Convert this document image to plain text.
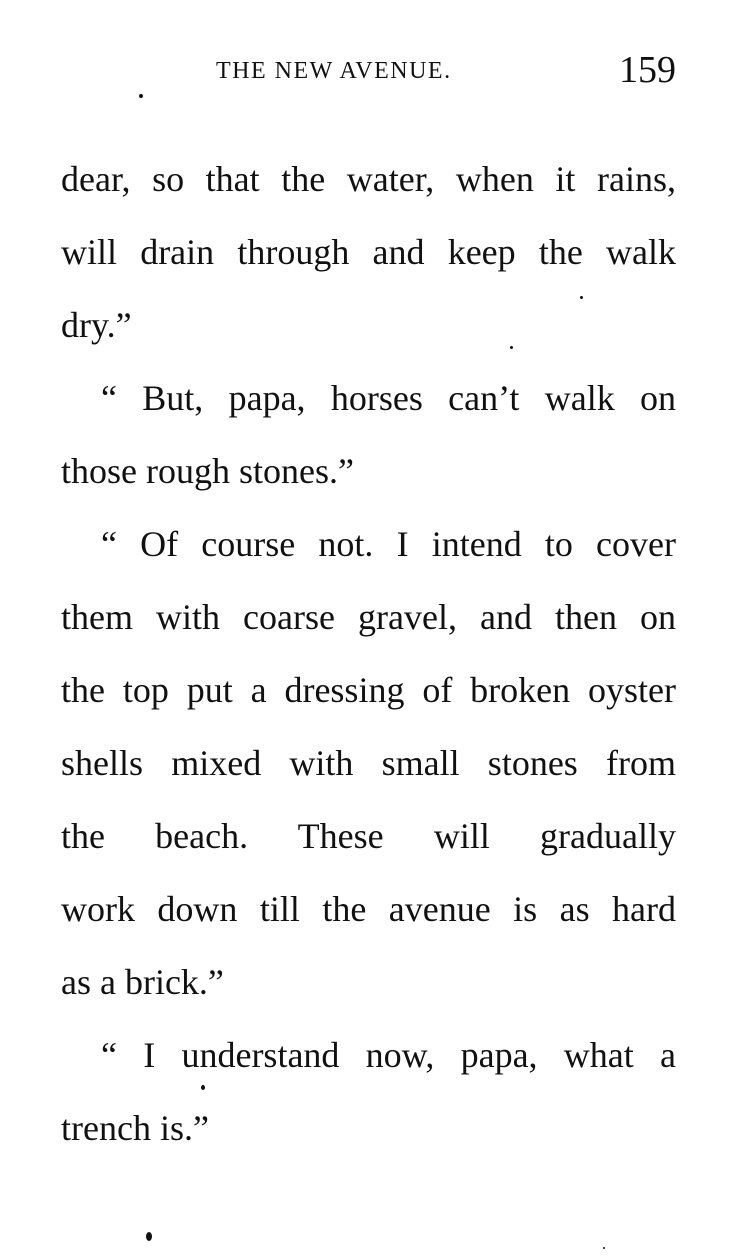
THE NEW AVENUE.	159
dear, so that the water, when it rains,
will drain through and keep the walk
dry.”
“ But, papa, horses can’t walk on
those rough stones.”
“ Of course not. I intend to cover
them with coarse gravel, and then on
the top put a dressing of broken oyster
shells mixed with small stones from
the beach. These will gradually
work down till the avenue is as hard
as a brick.”
“ I understand now, papa, what a
trench is.”
